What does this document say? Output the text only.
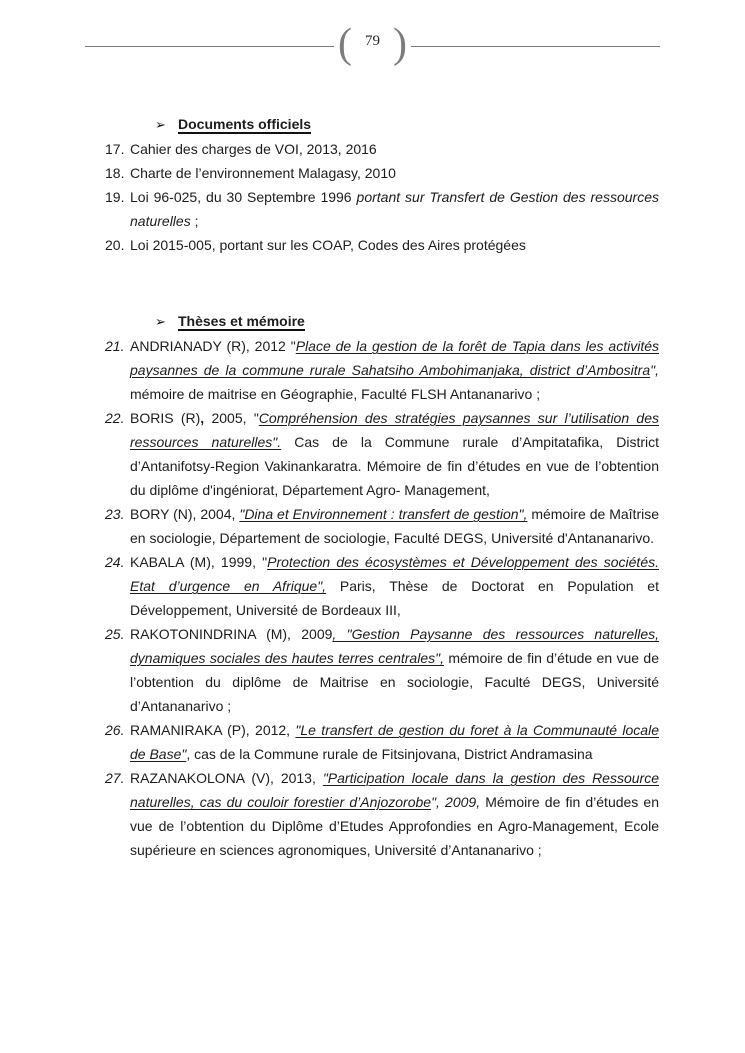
( 79 )
➢ Documents officiels
17. Cahier des charges de VOI, 2013, 2016
18. Charte de l’environnement Malagasy, 2010
19. Loi 96-025, du 30 Septembre 1996 portant sur Transfert de Gestion des ressources naturelles ;
20. Loi 2015-005, portant sur les COAP, Codes des Aires protégées
➢ Thèses et mémoire
21. ANDRIANADY (R), 2012 "Place de la gestion de la forêt de Tapia dans les activités paysannes de la commune rurale Sahatsiho Ambohimanjaka, district d’Ambositra", mémoire de maitrise en Géographie, Faculté FLSH Antananarivo ;
22. BORIS (R), 2005, "Compréhension des stratégies paysannes sur l’utilisation des ressources naturelles". Cas de la Commune rurale d’Ampitatafika, District d’Antanifotsy-Region Vakinankaratra. Mémoire de fin d’études en vue de l’obtention du diplôme d'ingéniorat, Département Agro- Management,
23. BORY (N), 2004, "Dina et Environnement : transfert de gestion", mémoire de Maîtrise en sociologie, Département de sociologie, Faculté DEGS, Université d'Antananarivo.
24. KABALA (M), 1999, "Protection des écosystèmes et Développement des sociétés. Etat d’urgence en Afrique", Paris, Thèse de Doctorat en Population et Développement, Université de Bordeaux III,
25. RAKOTONINDRINA (M), 2009, "Gestion Paysanne des ressources naturelles, dynamiques sociales des hautes terres centrales", mémoire de fin d’étude en vue de l’obtention du diplôme de Maitrise en sociologie, Faculté DEGS, Université d’Antananarivo ;
26. RAMANIRAKA (P), 2012, "Le transfert de gestion du foret à la Communauté locale de Base", cas de la Commune rurale de Fitsinjovana, District Andramasina
27. RAZANAKOLONA (V), 2013, "Participation locale dans la gestion des Ressource naturelles, cas du couloir forestier d’Anjozorobe", 2009, Mémoire de fin d’études en vue de l’obtention du Diplôme d’Etudes Approfondies en Agro-Management, Ecole supérieure en sciences agronomiques, Université d’Antananarivo ;
